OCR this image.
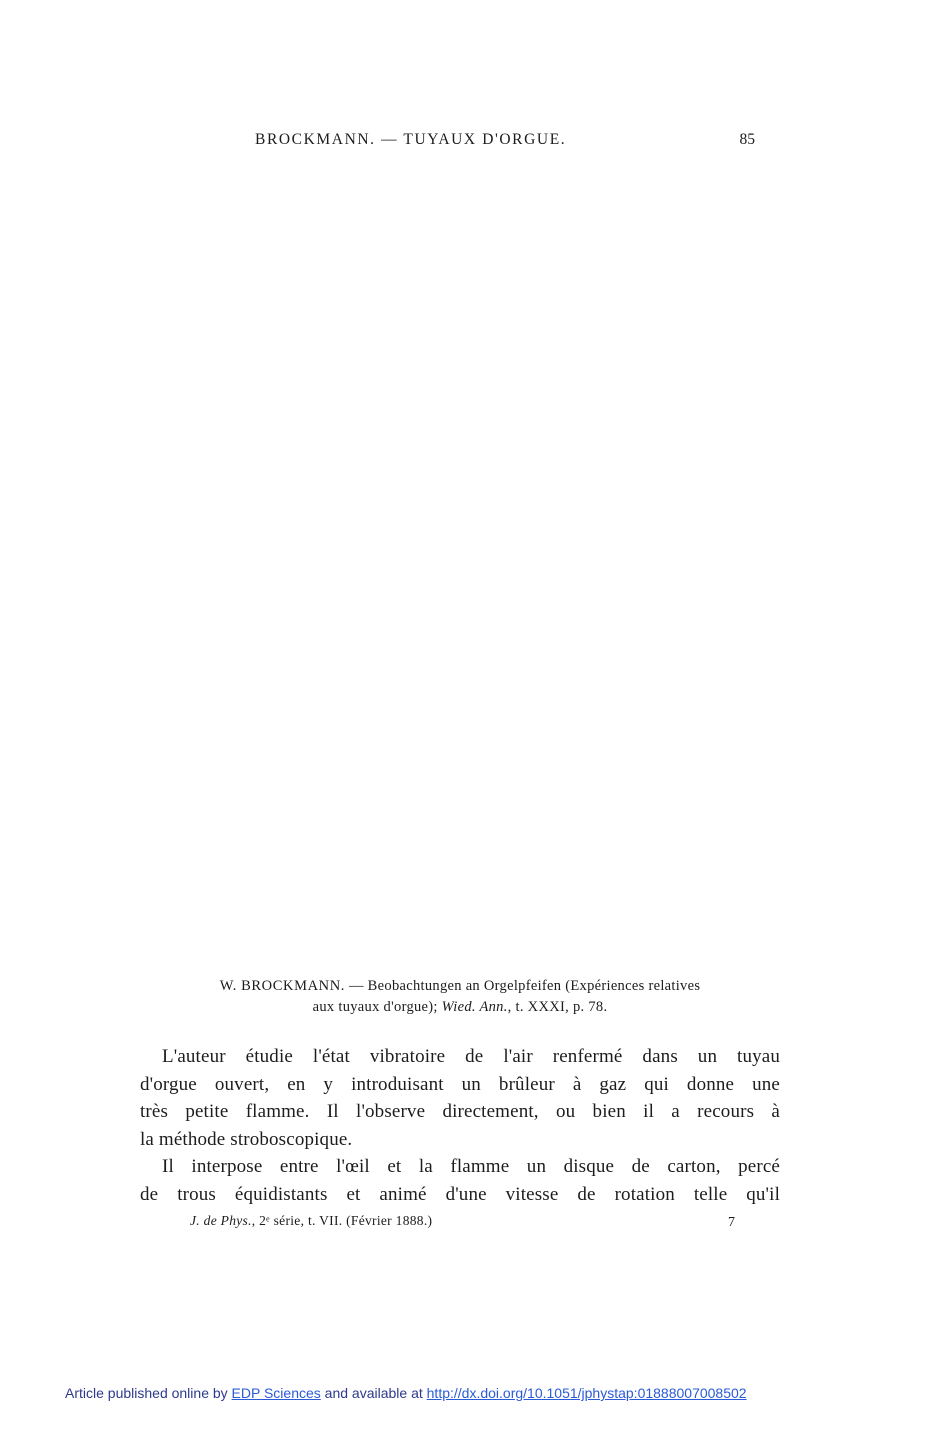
BROCKMANN. — TUYAUX D'ORGUE.	85
W. BROCKMANN. — Beobachtungen an Orgelpfeifen (Expériences relatives
aux tuyaux d'orgue); Wied. Ann., t. XXXI, p. 78.
L'auteur étudie l'état vibratoire de l'air renfermé dans un tuyau
d'orgue ouvert, en y introduisant un brûleur à gaz qui donne une
très petite flamme. Il l'observe directement, ou bien il a recours à
la méthode stroboscopique.
Il interpose entre l'œil et la flamme un disque de carton, percé
de trous équidistants et animé d'une vitesse de rotation telle qu'il
J. de Phys., 2ᵉ série, t. VII. (Février 1888.)	7
Article published online by EDP Sciences and available at http://dx.doi.org/10.1051/jphystap:01888007008502
